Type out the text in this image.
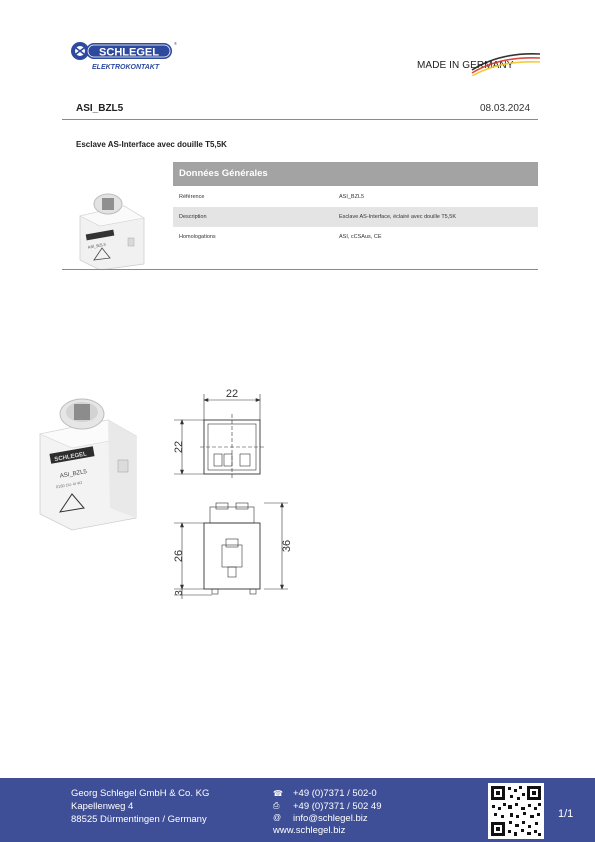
SCHLEGEL
®
ELEKTROKONTAKT	MADE IN GERMANY
ASI_BZL5	08.03.2024
Esclave AS-Interface avec douille T5,5K
ASI_BZL5
Données Générales
Référence	ASI_BZL5
Description	Esclave AS-Interface, éclairé avec douille T5,5K
Homologations	ASI, cCSAus, CE
SCHLEGEL
ASI_BZL5
0180 DU 4I 4O
22
22
26
36
3
Georg Schlegel GmbH & Co. KG
Kapellenweg 4
88525 Dürmentingen / Germany
☎ +49 (0)7371 / 502-0
⎙ +49 (0)7371 / 502 49
@ info@schlegel.biz
www.schlegel.biz
1/1
